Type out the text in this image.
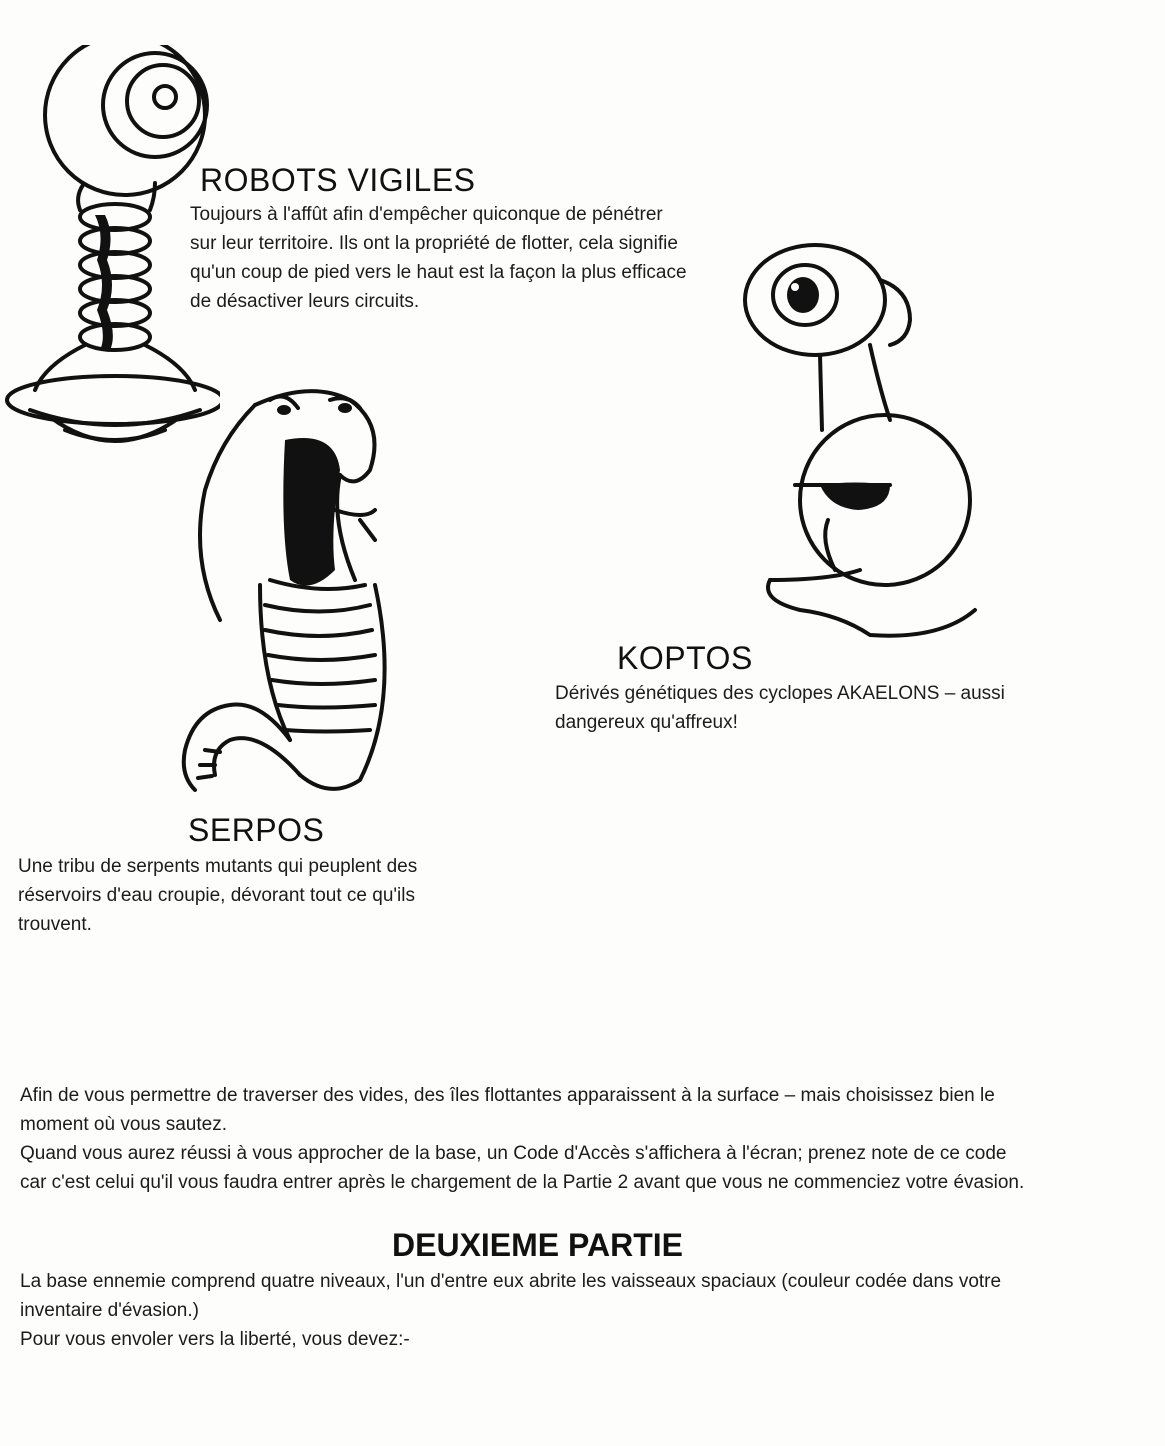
ROBOTS VIGILES
Toujours à l'affût afin d'empêcher quiconque de pénétrer sur leur territoire. Ils ont la propriété de flotter, cela signifie qu'un coup de pied vers le haut est la façon la plus efficace de désactiver leurs circuits.
KOPTOS
Dérivés génétiques des cyclopes AKAELONS – aussi dangereux qu'affreux!
SERPOS
Une tribu de serpents mutants qui peuplent des réservoirs d'eau croupie, dévorant tout ce qu'ils trouvent.

Afin de vous permettre de traverser des vides, des îles flottantes apparaissent à la surface – mais choisissez bien le moment où vous sautez.

Quand vous aurez réussi à vous approcher de la base, un Code d'Accès s'affichera à l'écran; prenez note de ce code car c'est celui qu'il vous faudra entrer après le chargement de la Partie 2 avant que vous ne commenciez votre évasion.

DEUXIEME PARTIE

La base ennemie comprend quatre niveaux, l'un d'entre eux abrite les vaisseaux spaciaux (couleur codée dans votre inventaire d'évasion.)

Pour vous envoler vers la liberté, vous devez:-
